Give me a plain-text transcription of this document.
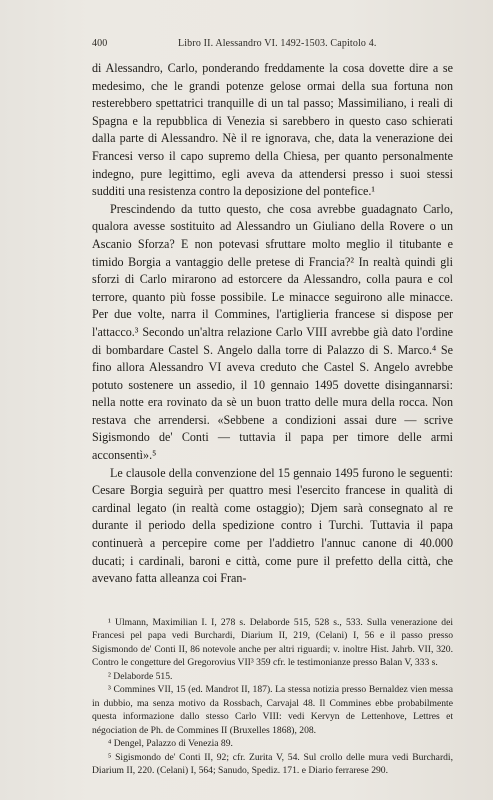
400	Libro II. Alessandro VI. 1492-1503. Capitolo 4.

di Alessandro, Carlo, ponderando freddamente la cosa dovette dire a se medesimo, che le grandi potenze gelose ormai della sua fortuna non resterebbero spettatrici tranquille di un tal passo; Massimiliano, i reali di Spagna e la repubblica di Venezia si sarebbero in questo caso schierati dalla parte di Alessandro. Nè il re ignorava, che, data la venerazione dei Francesi verso il capo supremo della Chiesa, per quanto personalmente indegno, pure legittimo, egli aveva da attendersi presso i suoi stessi sudditi una resistenza contro la deposizione del pontefice.¹

Prescindendo da tutto questo, che cosa avrebbe guadagnato Carlo, qualora avesse sostituito ad Alessandro un Giuliano della Rovere o un Ascanio Sforza? E non potevasi sfruttare molto meglio il titubante e timido Borgia a vantaggio delle pretese di Francia?² In realtà quindi gli sforzi di Carlo mirarono ad estorcere da Alessandro, colla paura e col terrore, quanto più fosse possibile. Le minacce seguirono alle minacce. Per due volte, narra il Commines, l'artiglieria francese si dispose per l'attacco.³ Secondo un'altra relazione Carlo VIII avrebbe già dato l'ordine di bombardare Castel S. Angelo dalla torre di Palazzo di S. Marco.⁴ Se fino allora Alessandro VI aveva creduto che Castel S. Angelo avrebbe potuto sostenere un assedio, il 10 gennaio 1495 dovette disingannarsi: nella notte era rovinato da sè un buon tratto delle mura della rocca. Non restava che arrendersi. «Sebbene a condizioni assai dure — scrive Sigismondo de' Conti — tuttavia il papa per timore delle armi acconsentì».⁵

Le clausole della convenzione del 15 gennaio 1495 furono le seguenti: Cesare Borgia seguirà per quattro mesi l'esercito francese in qualità di cardinal legato (in realtà come ostaggio); Djem sarà consegnato al re durante il periodo della spedizione contro i Turchi. Tuttavia il papa continuerà a percepire come per l'addietro l'annuc canone di 40.000 ducati; i cardinali, baroni e città, come pure il prefetto della città, che avevano fatta alleanza coi Fran-

¹ Ulmann, Maximilian I. I, 278 s. Delaborde 515, 528 s., 533. Sulla venerazione dei Francesi pel papa vedi Burchardi, Diarium II, 219, (Celani) I, 56 e il passo presso Sigismondo de' Conti II, 86 notevole anche per altri riguardi; v. inoltre Hist. Jahrb. VII, 320. Contro le congetture del Gregorovius VII³ 359 cfr. le testimonianze presso Balan V, 333 s.

² Delaborde 515.

³ Commines VII, 15 (ed. Mandrot II, 187). La stessa notizia presso Bernaldez vien messa in dubbio, ma senza motivo da Rossbach, Carvajal 48. Il Commines ebbe probabilmente questa informazione dallo stesso Carlo VIII: vedi Kervyn de Lettenhove, Lettres et négociation de Ph. de Commines II (Bruxelles 1868), 208.

⁴ Dengel, Palazzo di Venezia 89.

⁵ Sigismondo de' Conti II, 92; cfr. Zurita V, 54. Sul crollo delle mura vedi Burchardi, Diarium II, 220. (Celani) I, 564; Sanudo, Spediz. 171. e Diario ferrarese 290.
